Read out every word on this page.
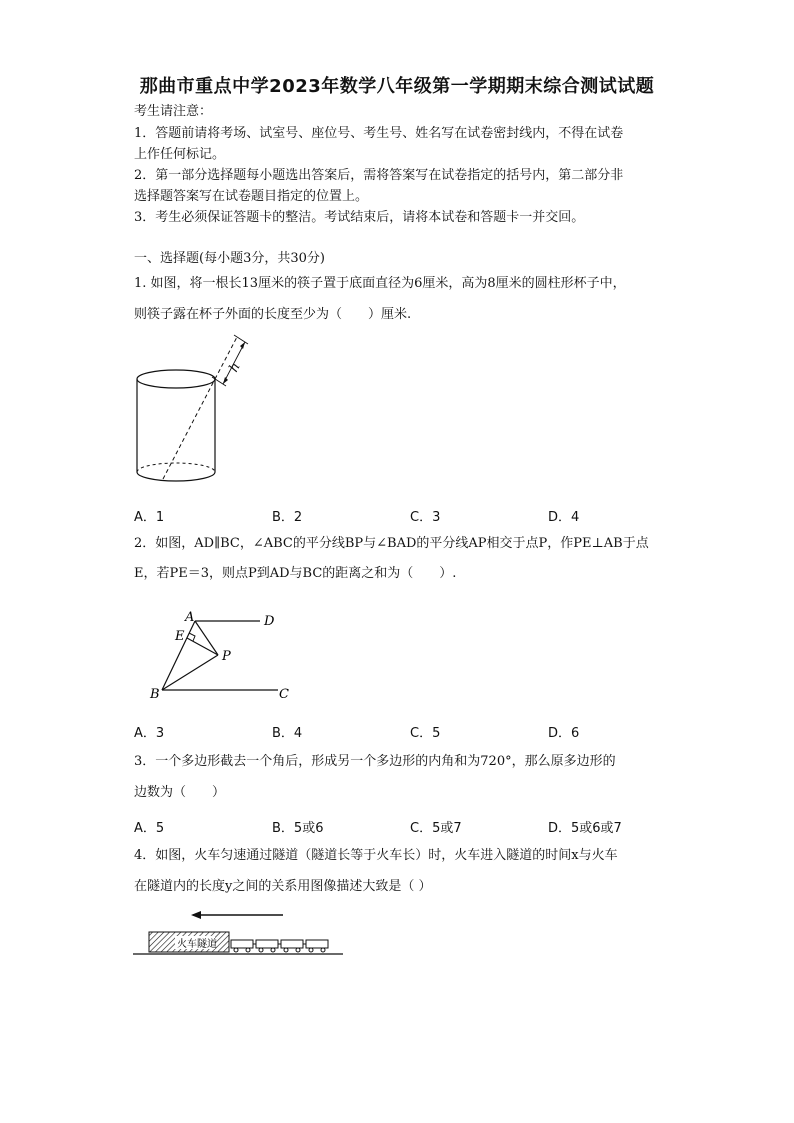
那曲市重点中学2023年数学八年级第一学期期末综合测试试题
考生请注意：
1．答题前请将考场、试室号、座位号、考生号、姓名写在试卷密封线内，不得在试卷
上作任何标记。
2．第一部分选择题每小题选出答案后，需将答案写在试卷指定的括号内，第二部分非
选择题答案写在试卷题目指定的位置上。
3．考生必须保证答题卡的整洁。考试结束后，请将本试卷和答题卡一并交回。
一、选择题(每小题3分，共30分)
1. 如图，将一根长13厘米的筷子置于底面直径为6厘米，高为8厘米的圆柱形杯子中，
则筷子露在杯子外面的长度至少为（　　）厘米.
h
A．1	B．2	C．3	D．4
2．如图，AD∥BC，∠ABC的平分线BP与∠BAD的平分线AP相交于点P，作PE⊥AB于点
E，若PE＝3，则点P到AD与BC的距离之和为（　　）.
A	D
E
P
B	C
A．3	B．4	C．5	D．6
3．一个多边形截去一个角后，形成另一个多边形的内角和为720°，那么原多边形的
边数为（　　）
A．5	B．5或6	C．5或7	D．5或6或7
4．如图，火车匀速通过隧道（隧道长等于火车长）时，火车进入隧道的时间x与火车
在隧道内的长度y之间的关系用图像描述大致是（ ）
火车隧道
